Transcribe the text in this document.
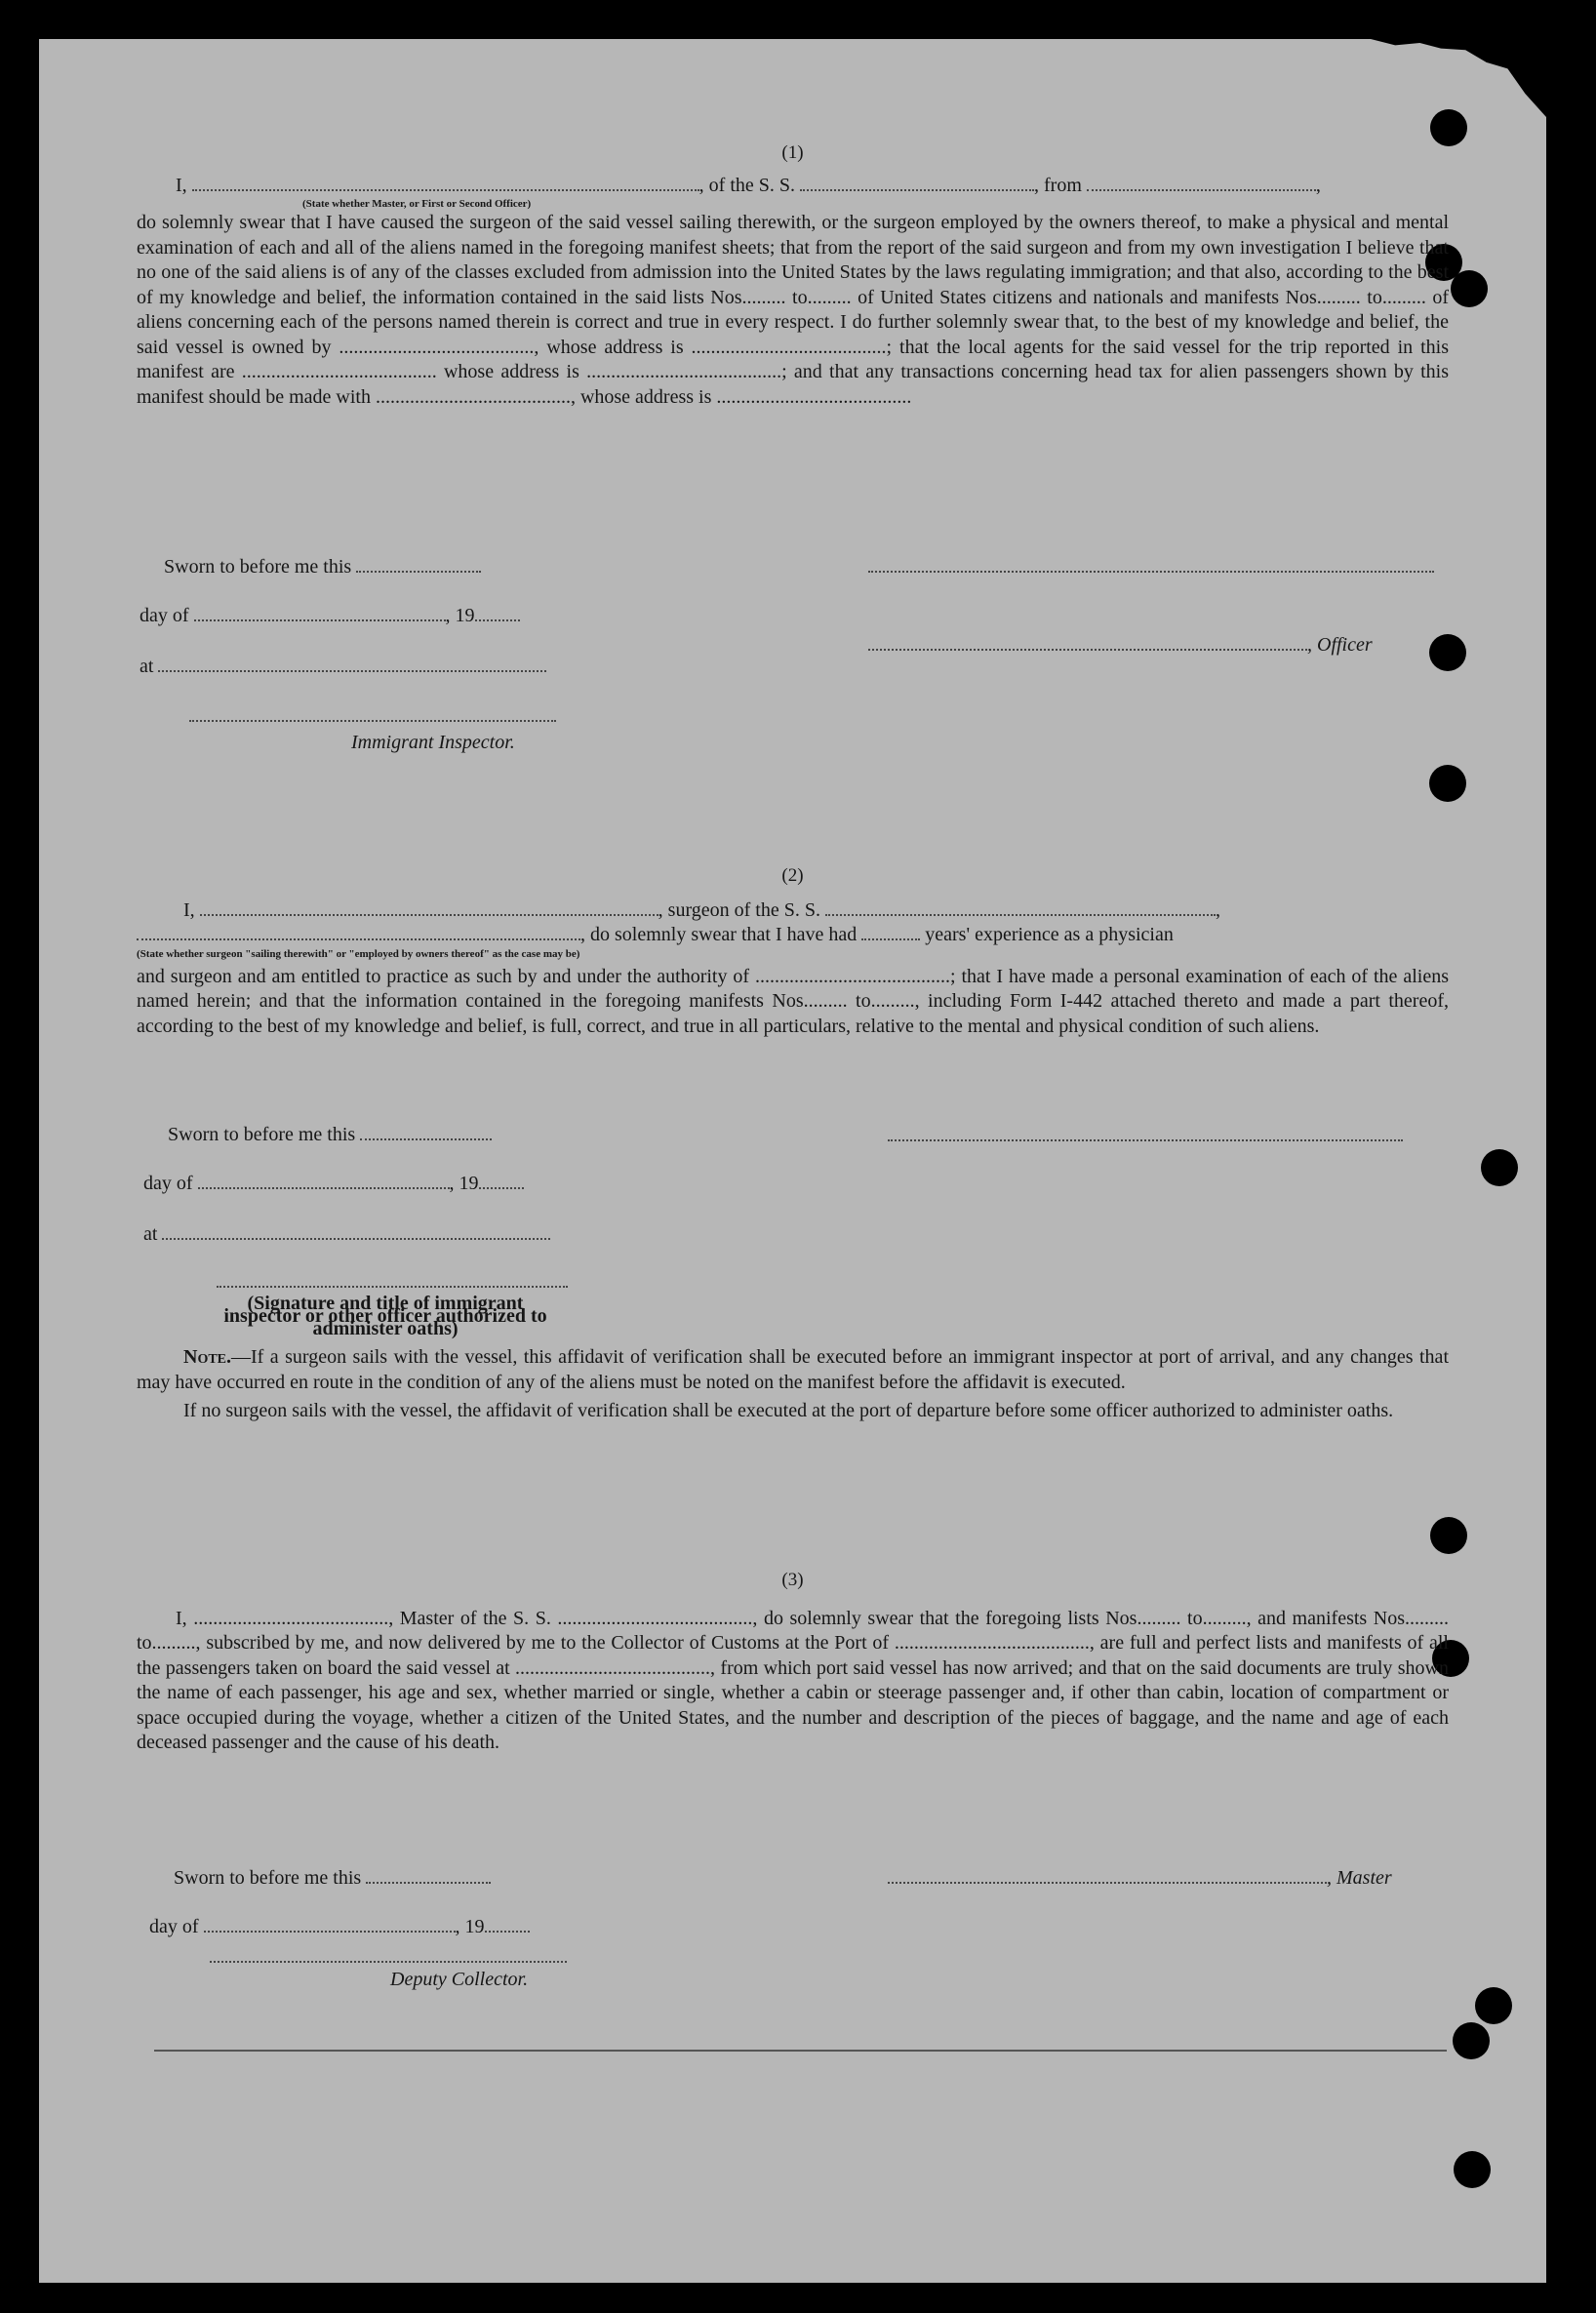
(1)

I,	, of the S. S.	, from	,

(State whether Master, or First or Second Officer)

do solemnly swear that I have caused the surgeon of the said vessel sailing therewith, or the surgeon employed by the owners thereof, to make a physical and mental examination of each and all of the aliens named in the foregoing manifest sheets; that from the report of the said surgeon and from my own investigation I believe that no one of the said aliens is of any of the classes excluded from admission into the United States by the laws regulating immigration; and that also, according to the best of my knowledge and belief, the information contained in the said lists Nos......... to......... of United States citizens and nationals and manifests Nos......... to......... of aliens concerning each of the persons named therein is correct and true in every respect. I do further solemnly swear that, to the best of my knowledge and belief, the said vessel is owned by ........................................, whose address is ........................................; that the local agents for the said vessel for the trip reported in this manifest are ........................................ whose address is ........................................; and that any transactions concerning head tax for alien passengers shown by this manifest should be made with ........................................, whose address is ........................................

Sworn to before me this
day of	, 19
at
, Officer
Immigrant Inspector.

(2)

I,	, surgeon of the S. S.	,
, do solemnly swear that I have had	years' experience as a physician

(State whether surgeon "sailing therewith" or "employed by owners thereof" as the case may be)

and surgeon and am entitled to practice as such by and under the authority of ........................................; that I have made a personal examination of each of the aliens named herein; and that the information contained in the foregoing manifests Nos......... to........., including Form I-442 attached thereto and made a part thereof, according to the best of my knowledge and belief, is full, correct, and true in all particulars, relative to the mental and physical condition of such aliens.

Sworn to before me this
day of	, 19
at
(Signature and title of immigrant inspector or other officer authorized to administer oaths)

Note.—If a surgeon sails with the vessel, this affidavit of verification shall be executed before an immigrant inspector at port of arrival, and any changes that may have occurred en route in the condition of any of the aliens must be noted on the manifest before the affidavit is executed.

If no surgeon sails with the vessel, the affidavit of verification shall be executed at the port of departure before some officer authorized to administer oaths.

(3)

I, ........................................, Master of the S. S. ........................................, do solemnly swear that the foregoing lists Nos......... to........., and manifests Nos......... to........., subscribed by me, and now delivered by me to the Collector of Customs at the Port of ........................................, are full and perfect lists and manifests of all the passengers taken on board the said vessel at ........................................, from which port said vessel has now arrived; and that on the said documents are truly shown the name of each passenger, his age and sex, whether married or single, whether a cabin or steerage passenger and, if other than cabin, location of compartment or space occupied during the voyage, whether a citizen of the United States, and the number and description of the pieces of baggage, and the name and age of each deceased passenger and the cause of his death.

Sworn to before me this	, Master
day of	, 19
Deputy Collector.
